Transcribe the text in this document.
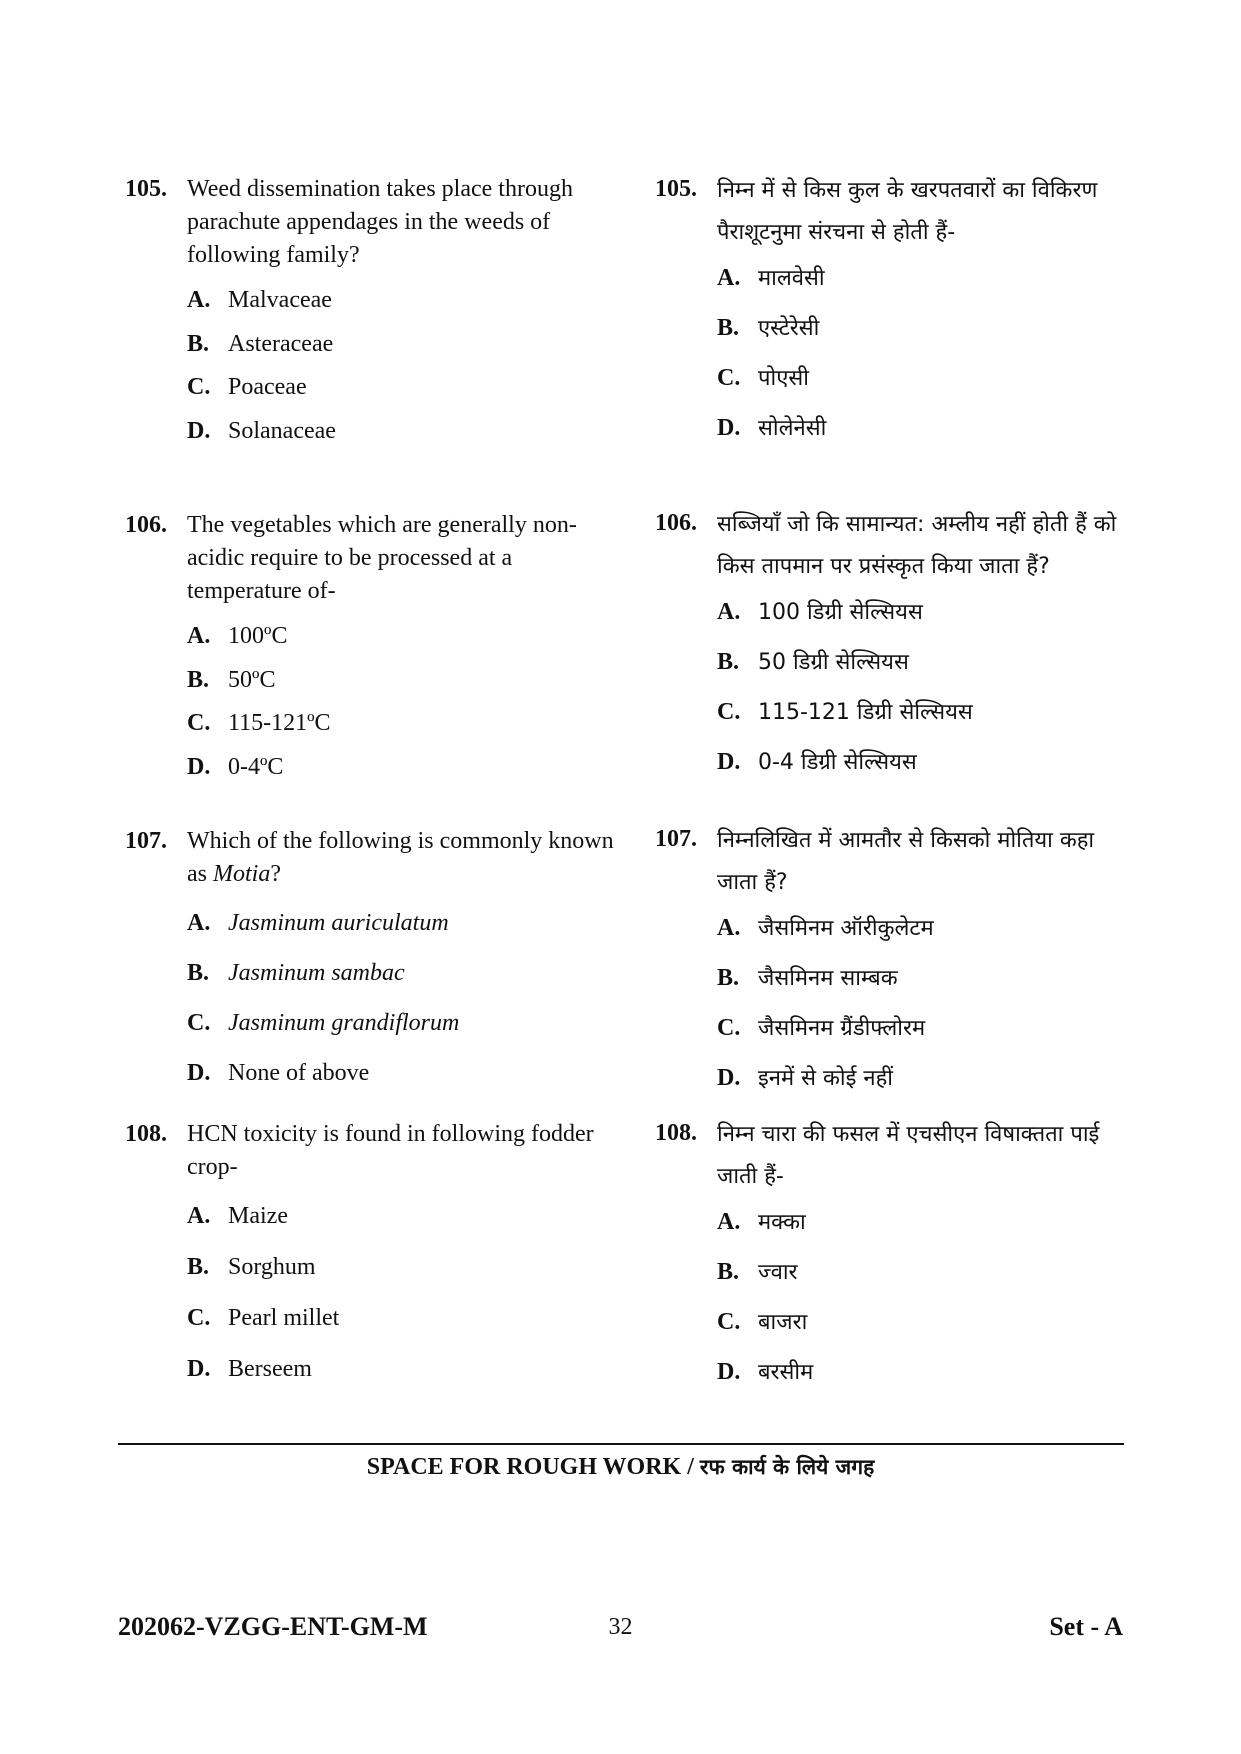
105. Weed dissemination takes place through parachute appendages in the weeds of following family?
A. Malvaceae
B. Asteraceae
C. Poaceae
D. Solanaceae
106. The vegetables which are generally non-acidic require to be processed at a temperature of-
A. 100ºC
B. 50ºC
C. 115-121ºC
D. 0-4ºC
107. Which of the following is commonly known as Motia?
A. Jasminum auriculatum
B. Jasminum sambac
C. Jasminum grandiflorum
D. None of above
108. HCN toxicity is found in following fodder crop-
A. Maize
B. Sorghum
C. Pearl millet
D. Berseem
105. निम्न में से किस कुल के खरपतवारों का विकिरण पैराशूटनुमा संरचना से होती हैं-
A. मालवेसी
B. एस्टेरेसी
C. पोएसी
D. सोलेनेसी
106. सब्जियाँ जो कि सामान्यत: अम्लीय नहीं होती हैं को किस तापमान पर प्रसंस्कृत किया जाता हैं?
A. 100 डिग्री सेल्सियस
B. 50 डिग्री सेल्सियस
C. 115-121 डिग्री सेल्सियस
D. 0-4 डिग्री सेल्सियस
107. निम्नलिखित में आमतौर से किसको मोतिया कहा जाता हैं?
A. जैसमिनम ऑरीकुलेटम
B. जैसमिनम साम्बक
C. जैसमिनम ग्रैंडीफ्लोरम
D. इनमें से कोई नहीं
108. निम्न चारा की फसल में एचसीएन विषाक्तता पाई जाती हैं-
A. मक्का
B. ज्वार
C. बाजरा
D. बरसीम
SPACE FOR ROUGH WORK / रफ कार्य के लिये जगह
32
202062-VZGG-ENT-GM-M	Set - A
